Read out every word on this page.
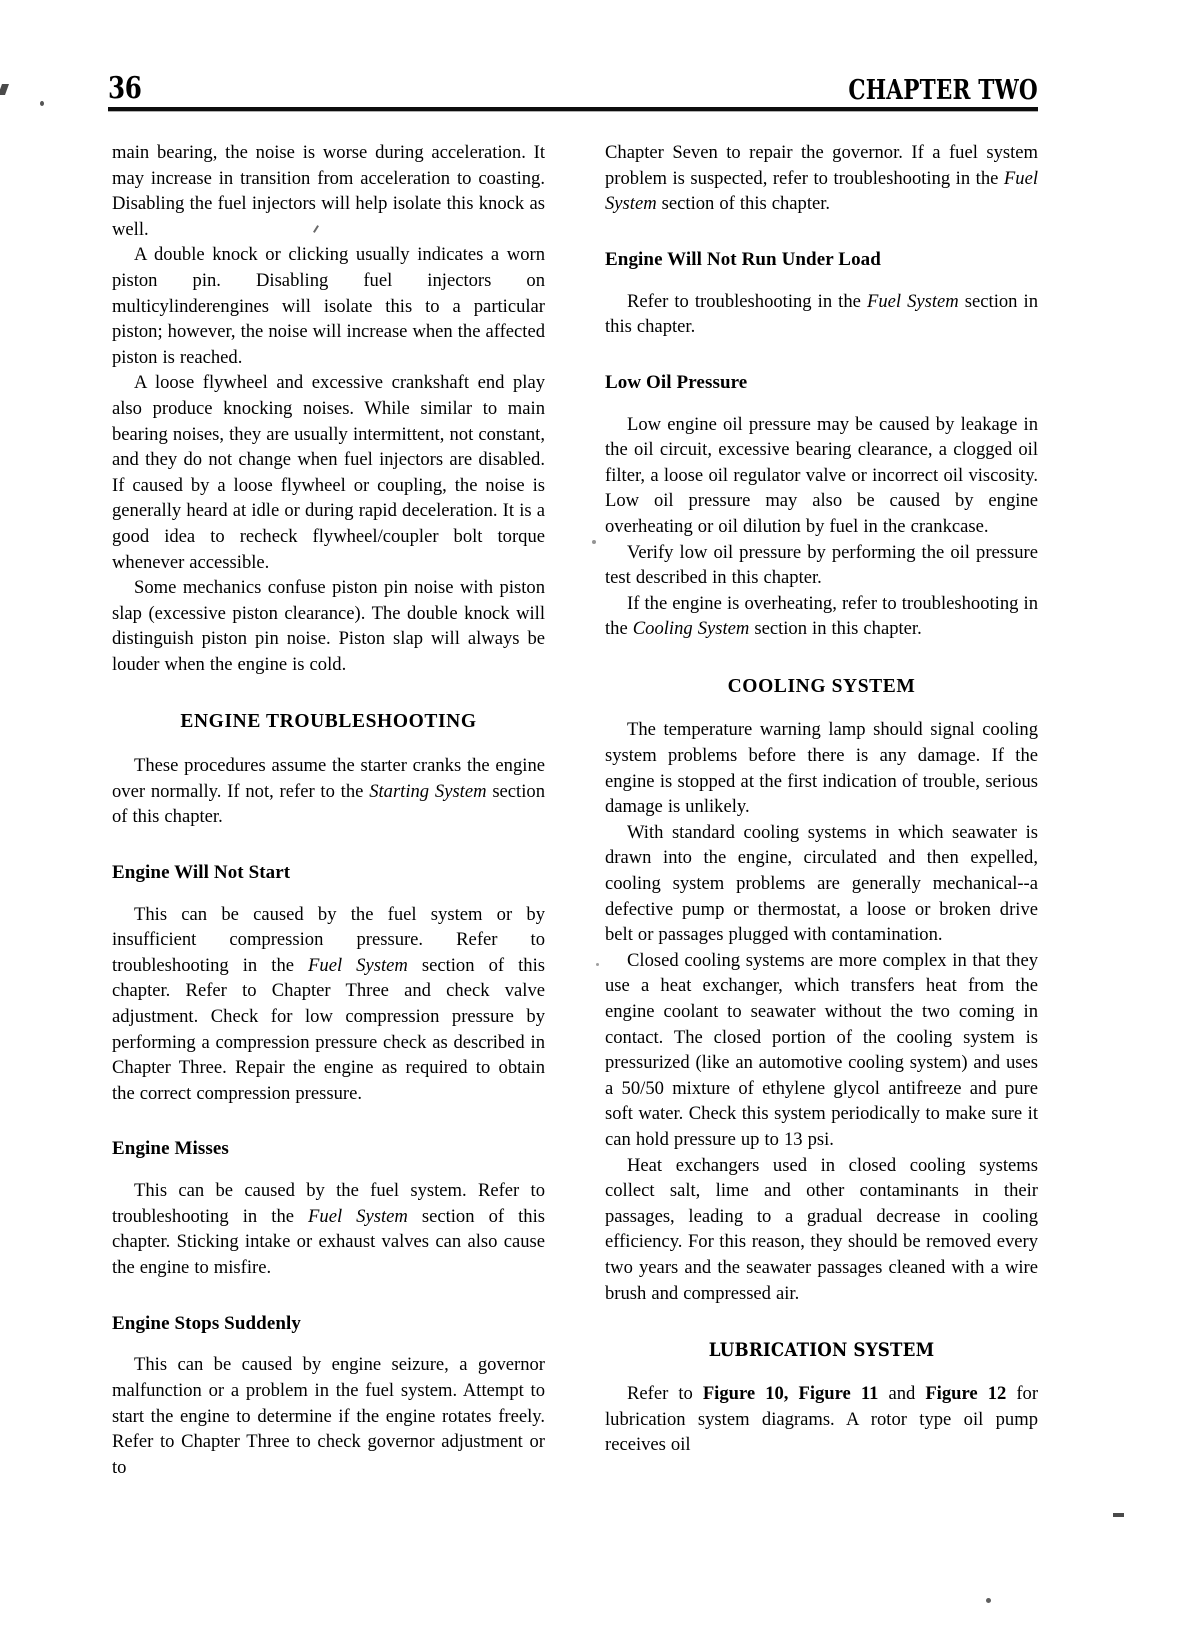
36	CHAPTER TWO

main bearing, the noise is worse during acceleration. It may increase in transition from acceleration to coasting. Disabling the fuel injectors will help isolate this knock as well.

A double knock or clicking usually indicates a worn piston pin. Disabling fuel injectors on multicylinderengines will isolate this to a particular piston; however, the noise will increase when the affected piston is reached.

A loose flywheel and excessive crankshaft end play also produce knocking noises. While similar to main bearing noises, they are usually intermittent, not constant, and they do not change when fuel injectors are disabled. If caused by a loose flywheel or coupling, the noise is generally heard at idle or during rapid deceleration. It is a good idea to recheck flywheel/coupler bolt torque whenever accessible.

Some mechanics confuse piston pin noise with piston slap (excessive piston clearance). The double knock will distinguish piston pin noise. Piston slap will always be louder when the engine is cold.

ENGINE TROUBLESHOOTING

These procedures assume the starter cranks the engine over normally. If not, refer to the Starting System section of this chapter.

Engine Will Not Start

This can be caused by the fuel system or by insufficient compression pressure. Refer to troubleshooting in the Fuel System section of this chapter. Refer to Chapter Three and check valve adjustment. Check for low compression pressure by performing a compression pressure check as described in Chapter Three. Repair the engine as required to obtain the correct compression pressure.

Engine Misses

This can be caused by the fuel system. Refer to troubleshooting in the Fuel System section of this chapter. Sticking intake or exhaust valves can also cause the engine to misfire.

Engine Stops Suddenly

This can be caused by engine seizure, a governor malfunction or a problem in the fuel system. Attempt to start the engine to determine if the engine rotates freely. Refer to Chapter Three to check governor adjustment or to

Chapter Seven to repair the governor. If a fuel system problem is suspected, refer to troubleshooting in the Fuel System section of this chapter.

Engine Will Not Run Under Load

Refer to troubleshooting in the Fuel System section in this chapter.

Low Oil Pressure

Low engine oil pressure may be caused by leakage in the oil circuit, excessive bearing clearance, a clogged oil filter, a loose oil regulator valve or incorrect oil viscosity. Low oil pressure may also be caused by engine overheating or oil dilution by fuel in the crankcase.

Verify low oil pressure by performing the oil pressure test described in this chapter.

If the engine is overheating, refer to troubleshooting in the Cooling System section in this chapter.

COOLING SYSTEM

The temperature warning lamp should signal cooling system problems before there is any damage. If the engine is stopped at the first indication of trouble, serious damage is unlikely.

With standard cooling systems in which seawater is drawn into the engine, circulated and then expelled, cooling system problems are generally mechanical--a defective pump or thermostat, a loose or broken drive belt or passages plugged with contamination.

Closed cooling systems are more complex in that they use a heat exchanger, which transfers heat from the engine coolant to seawater without the two coming in contact. The closed portion of the cooling system is pressurized (like an automotive cooling system) and uses a 50/50 mixture of ethylene glycol antifreeze and pure soft water. Check this system periodically to make sure it can hold pressure up to 13 psi.

Heat exchangers used in closed cooling systems collect salt, lime and other contaminants in their passages, leading to a gradual decrease in cooling efficiency. For this reason, they should be removed every two years and the seawater passages cleaned with a wire brush and compressed air.

LUBRICATION SYSTEM

Refer to Figure 10, Figure 11 and Figure 12 for lubrication system diagrams. A rotor type oil pump receives oil
